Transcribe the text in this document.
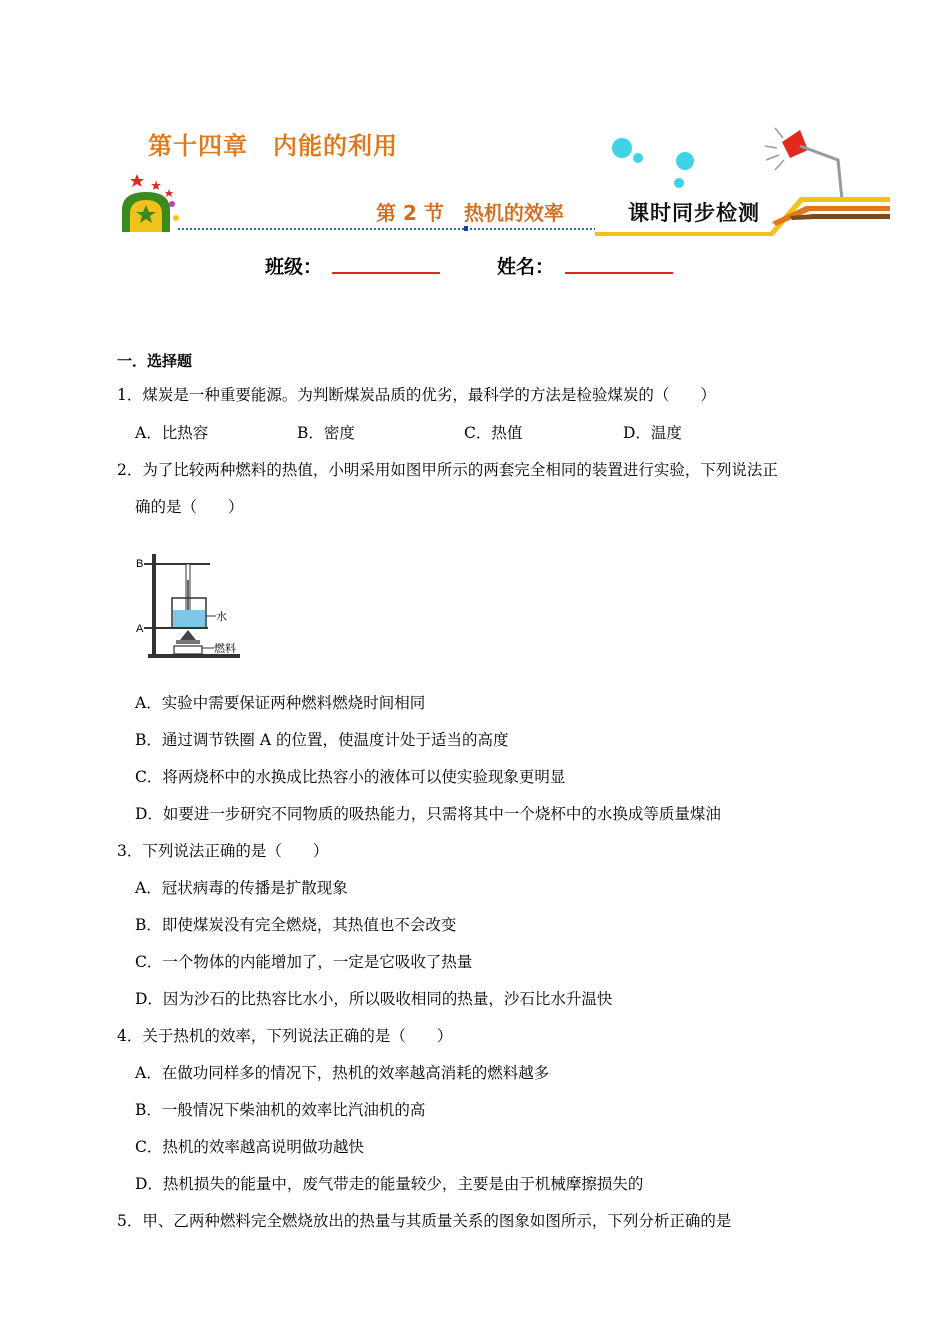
第十四章　内能的利用
第 2 节　热机的效率	课时同步检测
班级：	姓名：
一．选择题
1．煤炭是一种重要能源。为判断煤炭品质的优劣，最科学的方法是检验煤炭的（　　）
A．比热容	B．密度	C．热值	D．温度
2．为了比较两种燃料的热值，小明采用如图甲所示的两套完全相同的装置进行实验，下列说法正
确的是（　　）
B
A
水
燃料
A．实验中需要保证两种燃料燃烧时间相同
B．通过调节铁圈 A 的位置，使温度计处于适当的高度
C．将两烧杯中的水换成比热容小的液体可以使实验现象更明显
D．如要进一步研究不同物质的吸热能力，只需将其中一个烧杯中的水换成等质量煤油
3．下列说法正确的是（　　）
A．冠状病毒的传播是扩散现象
B．即使煤炭没有完全燃烧，其热值也不会改变
C．一个物体的内能增加了，一定是它吸收了热量
D．因为沙石的比热容比水小，所以吸收相同的热量，沙石比水升温快
4．关于热机的效率，下列说法正确的是（　　）
A．在做功同样多的情况下，热机的效率越高消耗的燃料越多
B．一般情况下柴油机的效率比汽油机的高
C．热机的效率越高说明做功越快
D．热机损失的能量中，废气带走的能量较少，主要是由于机械摩擦损失的
5．甲、乙两种燃料完全燃烧放出的热量与其质量关系的图象如图所示，下列分析正确的是
